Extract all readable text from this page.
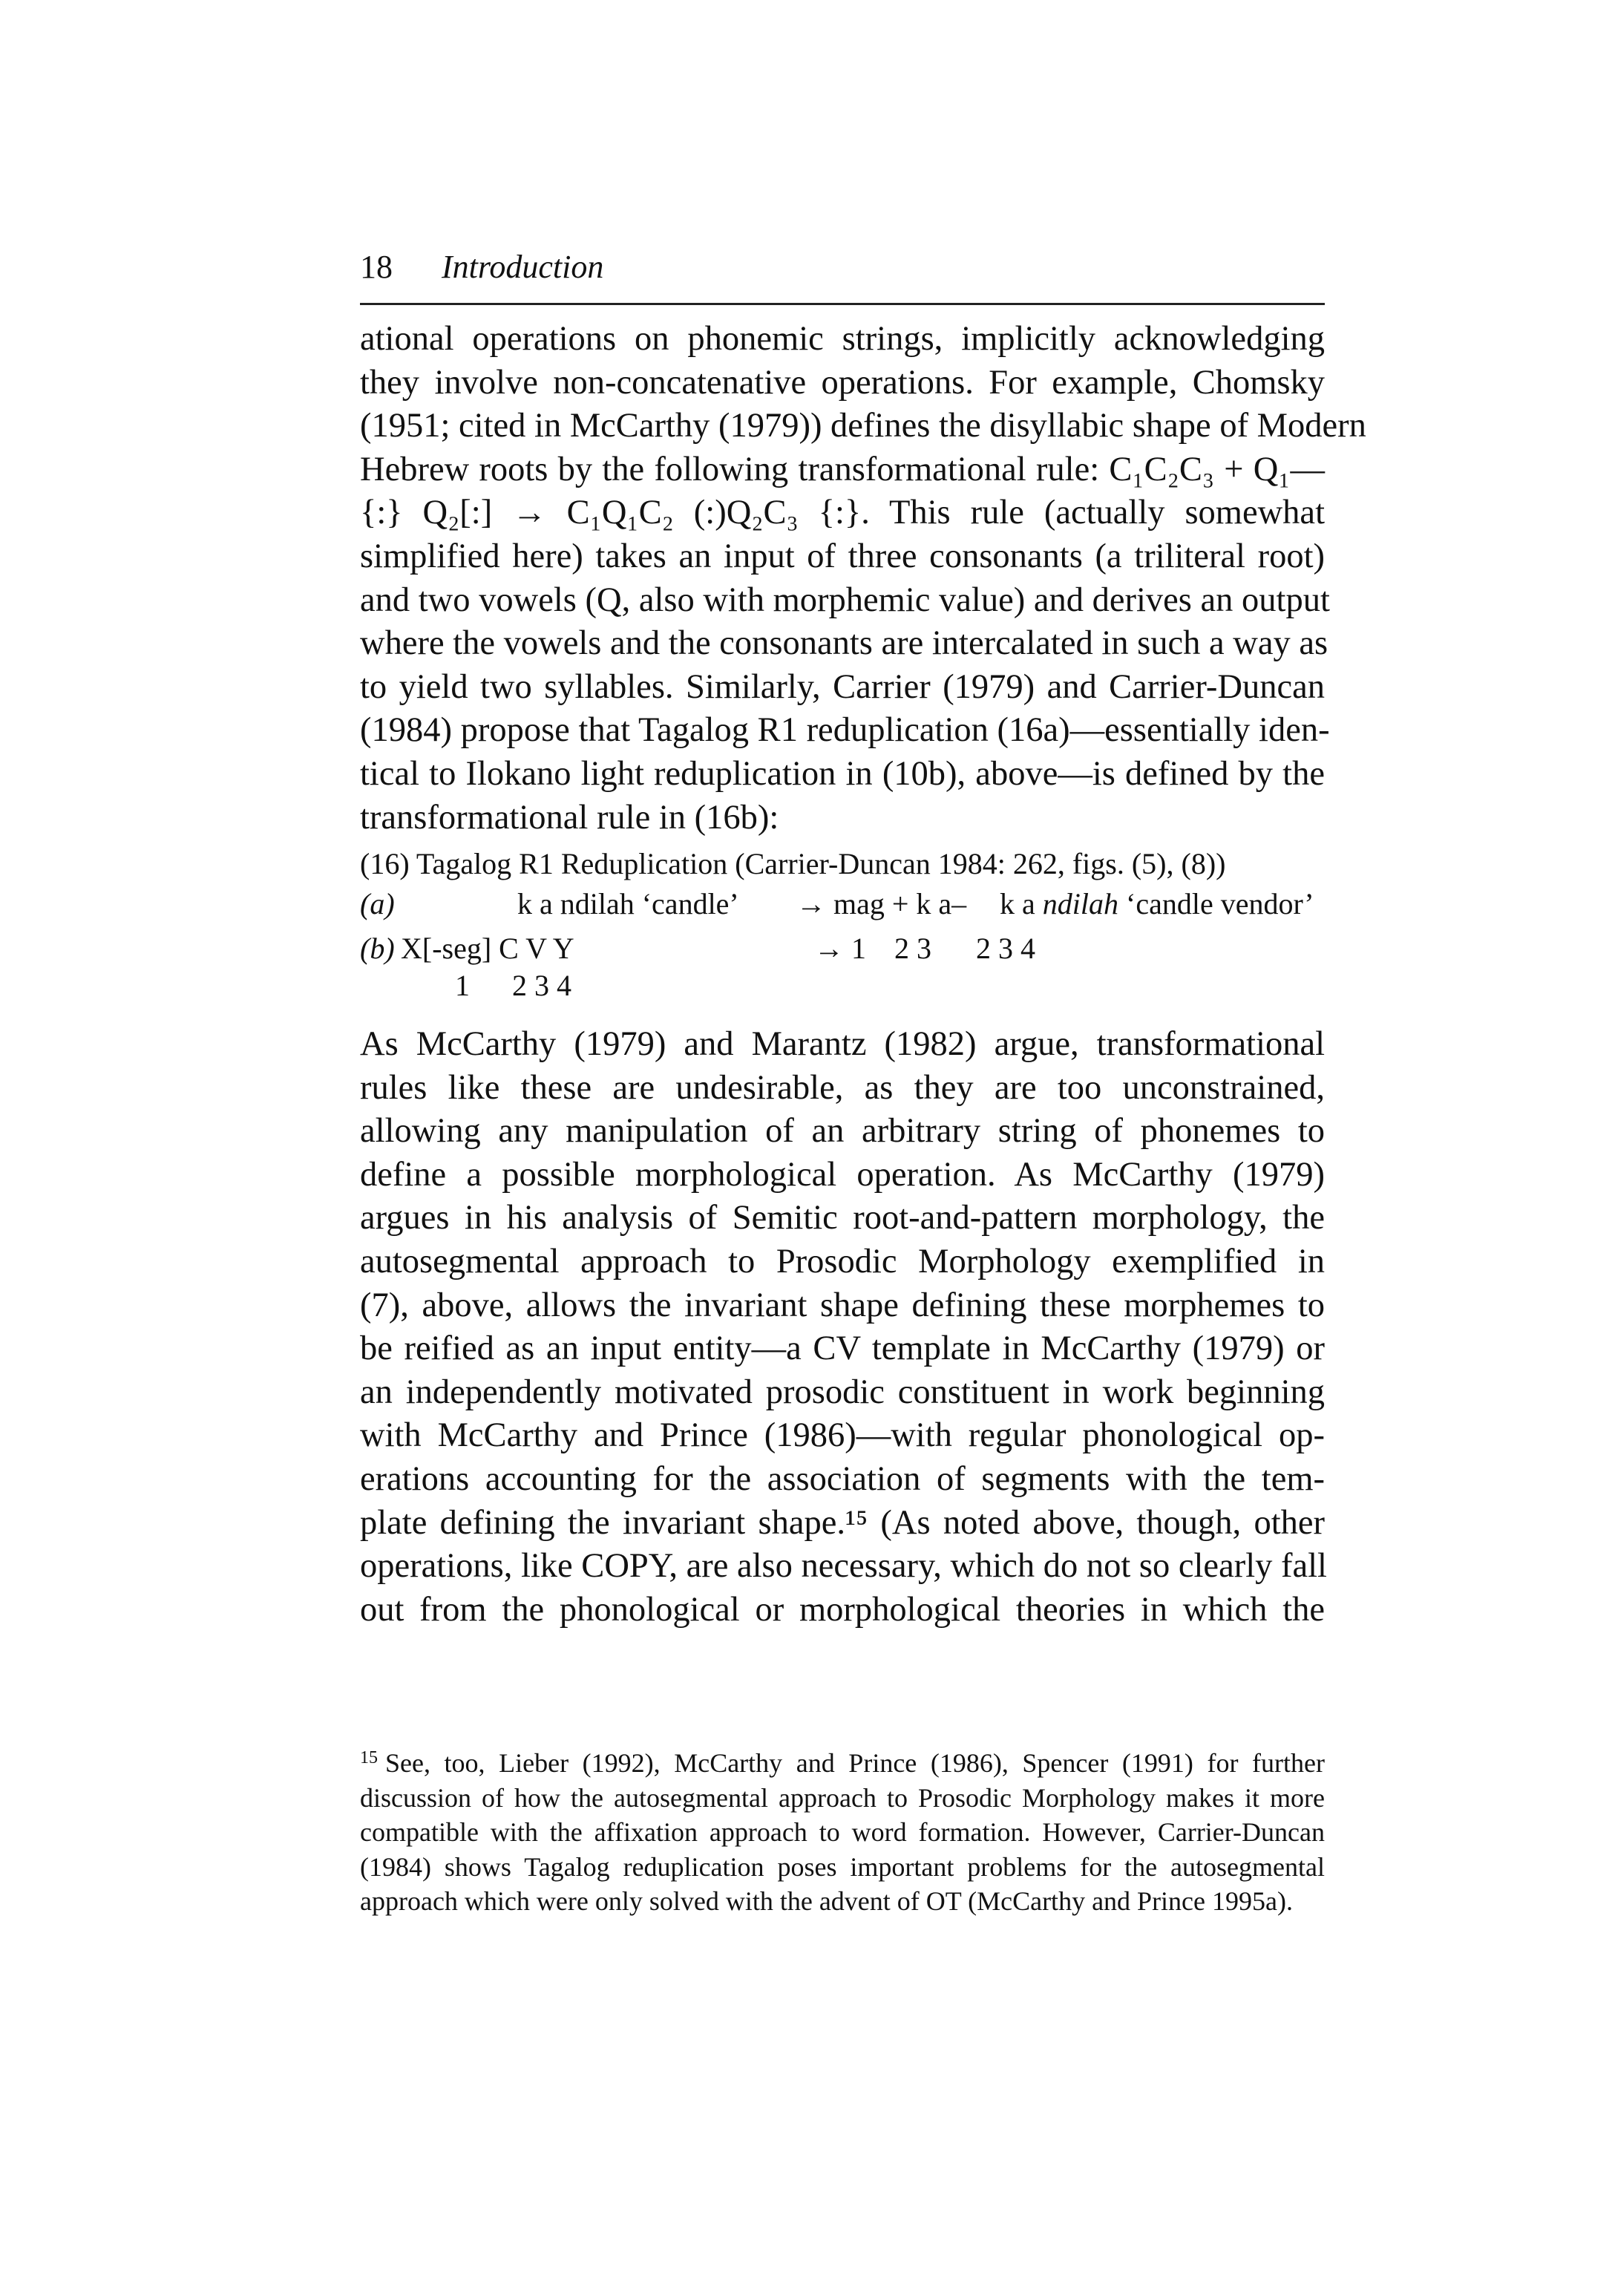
18 Introduction

ational operations on phonemic strings, implicitly acknowledging
they involve non-concatenative operations. For example, Chomsky
(1951; cited in McCarthy (1979)) defines the disyllabic shape of Modern
Hebrew roots by the following transformational rule: C₁C₂C₃ + Q₁—
{:} Q₂[:] → C₁Q₁C₂ (:)Q₂C₃ {:}. This rule (actually somewhat
simplified here) takes an input of three consonants (a triliteral root)
and two vowels (Q, also with morphemic value) and derives an output
where the vowels and the consonants are intercalated in such a way as
to yield two syllables. Similarly, Carrier (1979) and Carrier-Duncan
(1984) propose that Tagalog R1 reduplication (16a)—essentially iden-
tical to Ilokano light reduplication in (10b), above—is defined by the
transformational rule in (16b):

(16) Tagalog R1 Reduplication (Carrier-Duncan 1984: 262, figs. (5), (8))
(a)	k a ndilah ‘candle’ → mag + k a– k a ndilah ‘candle vendor’
(b) X[-seg] C V Y	→ 1 2 3 2 3 4
1 2 3 4

As McCarthy (1979) and Marantz (1982) argue, transformational
rules like these are undesirable, as they are too unconstrained,
allowing any manipulation of an arbitrary string of phonemes to
define a possible morphological operation. As McCarthy (1979)
argues in his analysis of Semitic root-and-pattern morphology, the
autosegmental approach to Prosodic Morphology exemplified in
(7), above, allows the invariant shape defining these morphemes to
be reified as an input entity—a CV template in McCarthy (1979) or
an independently motivated prosodic constituent in work beginning
with McCarthy and Prince (1986)—with regular phonological op-
erations accounting for the association of segments with the tem-
plate defining the invariant shape.¹⁵ (As noted above, though, other
operations, like COPY, are also necessary, which do not so clearly fall
out from the phonological or morphological theories in which the

$^{15}$ See, too, Lieber (1992), McCarthy and Prince (1986), Spencer (1991) for further
discussion of how the autosegmental approach to Prosodic Morphology makes it more
compatible with the affixation approach to word formation. However, Carrier-Duncan
(1984) shows Tagalog reduplication poses important problems for the autosegmental
approach which were only solved with the advent of OT (McCarthy and Prince 1995a).
